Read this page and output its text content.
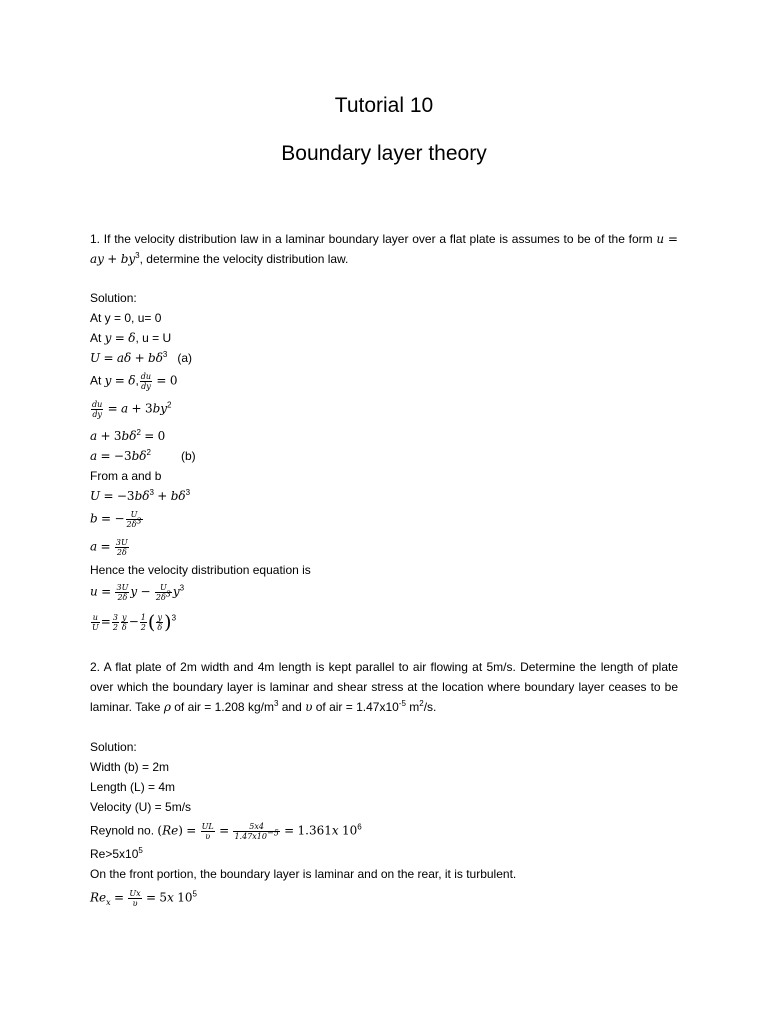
Tutorial 10
Boundary layer theory
1. If the velocity distribution law in a laminar boundary layer over a flat plate is assumes to be of the form u = ay + $by^3$, determine the velocity distribution law.
Solution:
At y = 0, u= 0
At y = δ, u = U
$U = a\delta + b\delta^3$ (a)
At y = δ, $\frac{du}{dy} = 0$
$\frac{du}{dy} = a + 3by^2$
$a + 3b\delta^2 = 0$
$a = -3b\delta^2$	(b)
From a and b
$U = -3b\delta^3 + b\delta^3$
b = − $\frac{U}{2\delta^3}$
$a = \frac{3U}{2\delta}$
Hence the velocity distribution equation is
$u = \frac{3U}{2\delta}$ $y - \frac{U}{2\delta^3} y^3$
$\frac{u}{U} = \frac{3}{2} \frac{y}{\delta} - \frac{1}{2}$ ( $\frac{y}{\delta} )^3$
2. A flat plate of 2m width and 4m length is kept parallel to air flowing at 5m/s. Determine the length of plate over which the boundary layer is laminar and shear stress at the location where boundary layer ceases to be laminar. Take ρ of air = 1.208 $kg/m^3$ and υ of air = $1.47x10^{-5}$ $m^2/s$.
Solution:
Width (b) = 2m
Length (L) = 4m
Velocity (U) = 5m/s
Reynold no. $(Re) = \frac{UL}{\upsilon} = \frac{5x4}{1.47x10^{-5}} = 1.361x$ $10^6$
$Re>5x10^5$
On the front portion, the boundary layer is laminar and on the rear, it is turbulent.
$Re_x = \frac{Ux}{\upsilon} = 5x$ $10^5$
